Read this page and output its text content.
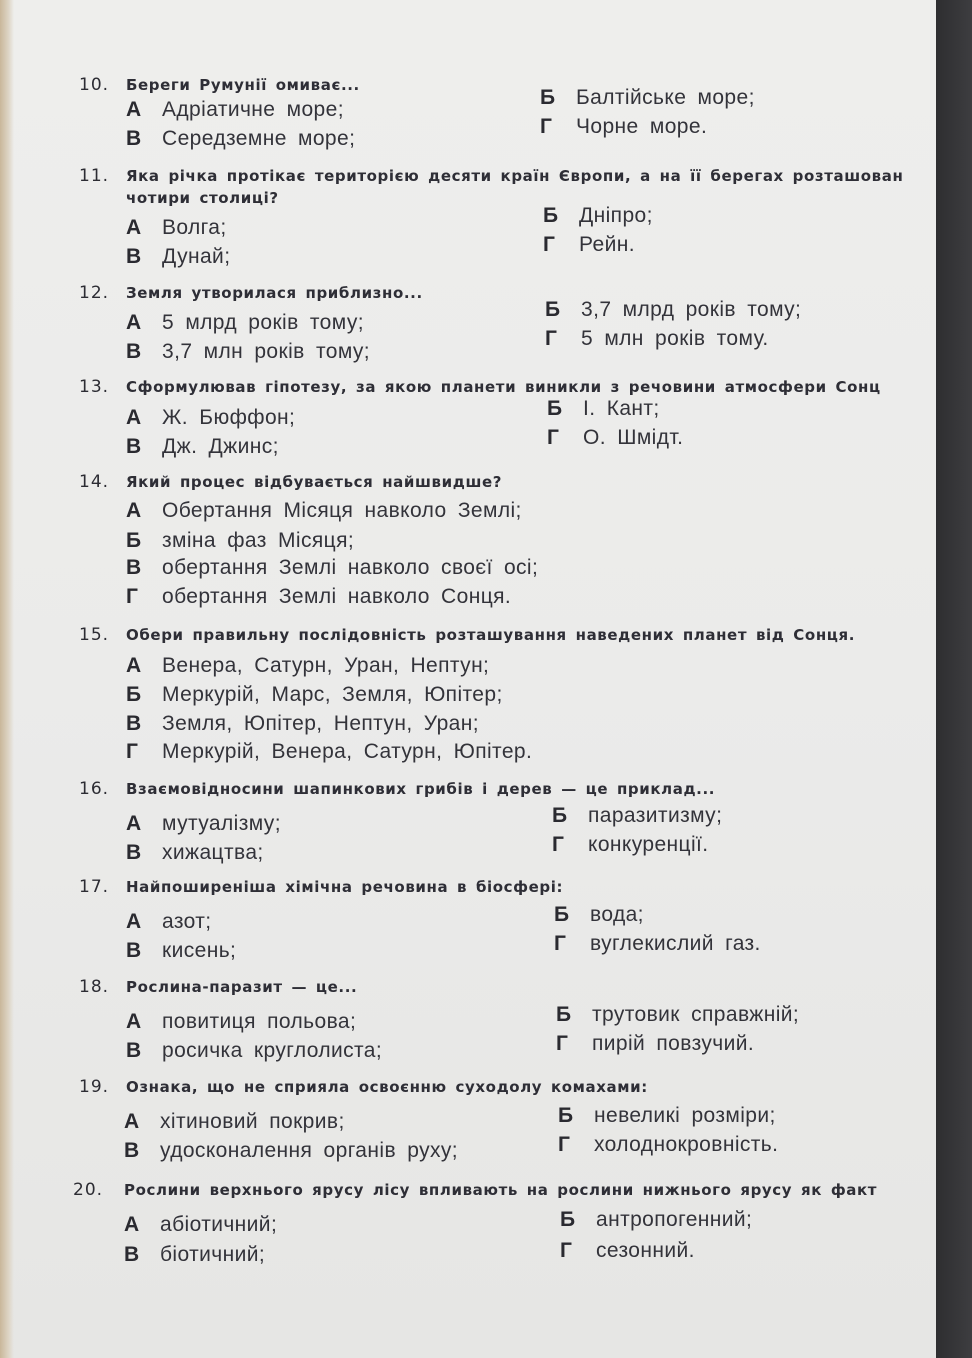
10. Береги Румунії омиває...
А Адріатичне море;
Б Балтійське море;
В Середземне море;
Г Чорне море.
11. Яка річка протікає територією десяти країн Європи, а на її берегах розташован
чотири столиці?
А Волга;
Б Дніпро;
В Дунай;
Г Рейн.
12. Земля утворилася приблизно...
А 5 млрд років тому;
Б 3,7 млрд років тому;
В 3,7 млн років тому;
Г 5 млн років тому.
13. Сформулював гіпотезу, за якою планети виникли з речовини атмосфери Сонц
А Ж. Бюффон;	Б І. Кант;
В Дж. Джинс;	Г О. Шмідт.
14. Який процес відбувається найшвидше?
А Обертання Місяця навколо Землі;
Б зміна фаз Місяця;
В обертання Землі навколо своєї осі;
Г обертання Землі навколо Сонця.
15. Обери правильну послідовність розташування наведених планет від Сонця.
А Венера, Сатурн, Уран, Нептун;
Б Меркурій, Марс, Земля, Юпітер;
В Земля, Юпітер, Нептун, Уран;
Г Меркурій, Венера, Сатурн, Юпітер.
16. Взаємовідносини шапинкових грибів і дерев — це приклад...
А мутуалізму;	Б паразитизму;
В хижацтва;	Г конкуренції.
17. Найпоширеніша хімічна речовина в біосфері:
А азот;	Б вода;
В кисень;	Г вуглекислий газ.
18. Рослина-паразит — це...
А повитиця польова;	Б трутовик справжній;
В росичка круглолиста;	Г пирій повзучий.
19. Ознака, що не сприяла освоєнню суходолу комахами:
А хітиновий покрив;	Б невеликі розміри;
В удосконалення органів руху;	Г холоднокровність.
20. Рослини верхнього ярусу лісу впливають на рослини нижнього ярусу як факт
А абіотичний;	Б антропогенний;
В біотичний;	Г сезонний.
